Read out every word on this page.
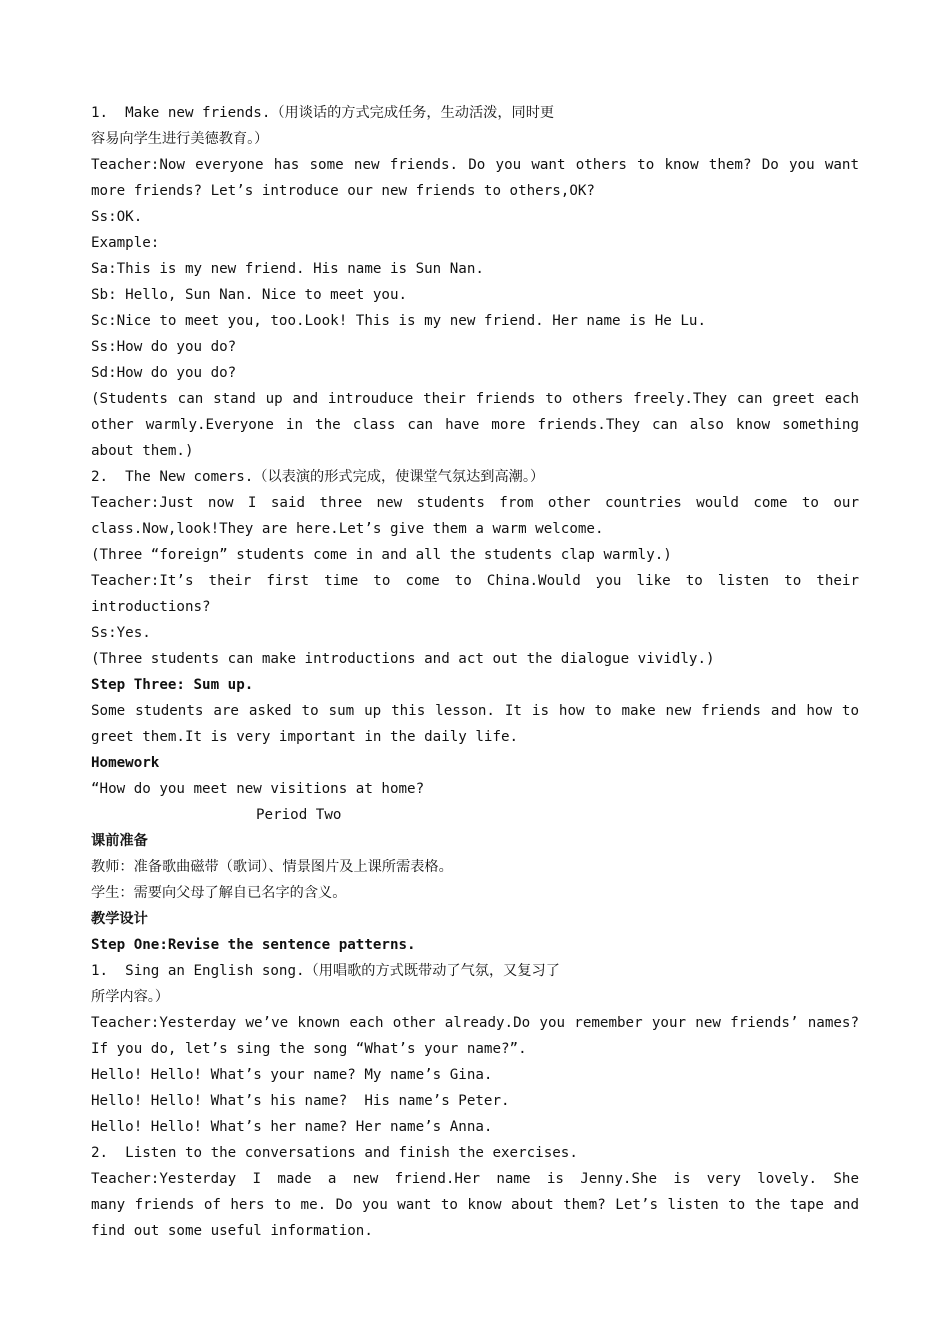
1.  Make new friends.（用谈话的方式完成任务，生动活泼，同时更
容易向学生进行美德教育。）
Teacher:Now everyone has some new friends. Do you want others to know them? Do you want
more friends? Let’s introduce our new friends to others,OK?
Ss:OK.
Example:
Sa:This is my new friend. His name is Sun Nan.
Sb: Hello, Sun Nan. Nice to meet you.
Sc:Nice to meet you, too.Look! This is my new friend. Her name is He Lu.
Ss:How do you do?
Sd:How do you do?
(Students can stand up and introuduce their friends to others freely.They can greet each
other warmly.Everyone in the class can have more friends.They can also know something
about them.)
2.  The New comers.（以表演的形式完成，使课堂气氛达到高潮。）
Teacher:Just now I said three new students from other countries would come to our
class.Now,look!They are here.Let’s give them a warm welcome.
(Three “foreign” students come in and all the students clap warmly.)
Teacher:It’s their first time to come to China.Would you like to listen to their
introductions?
Ss:Yes.
(Three students can make introductions and act out the dialogue vividly.)
Step Three: Sum up.
Some students are asked to sum up this lesson. It is how to make new friends and how to
greet them.It is very important in the daily life.
Homework
“How do you meet new visitions at home?
Period Two
课前准备
教师：准备歌曲磁带（歌词）、情景图片及上课所需表格。
学生：需要向父母了解自已名字的含义。
教学设计
Step One:Revise the sentence patterns.
1.  Sing an English song.（用唱歌的方式既带动了气氛，又复习了
所学内容。）
Teacher:Yesterday we’ve known each other already.Do you remember your new friends’ names?
If you do, let’s sing the song “What’s your name?”.
Hello! Hello! What’s your name? My name’s Gina.
Hello! Hello! What’s his name?  His name’s Peter.
Hello! Hello! What’s her name? Her name’s Anna.
2.  Listen to the conversations and finish the exercises.
Teacher:Yesterday I made a new friend.Her name is Jenny.She is very lovely. She
many friends of hers to me. Do you want to know about them? Let’s listen to the tape and
find out some useful information.
